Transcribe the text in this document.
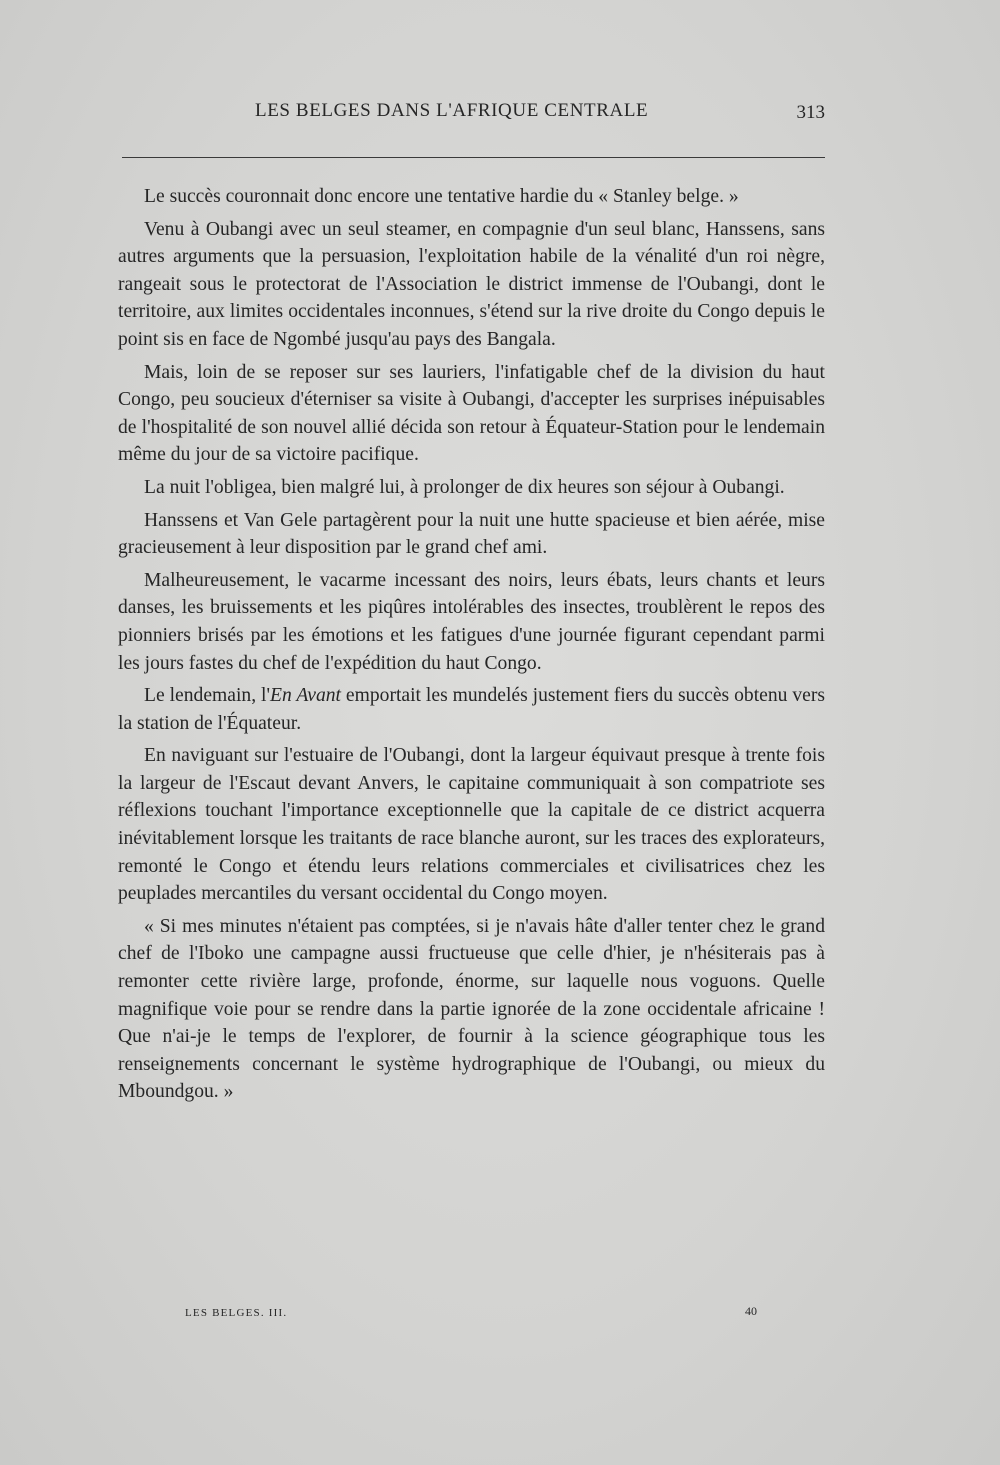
LES BELGES DANS L'AFRIQUE CENTRALE	313

Le succès couronnait donc encore une tentative hardie du « Stanley belge. »

Venu à Oubangi avec un seul steamer, en compagnie d'un seul blanc, Hanssens, sans autres arguments que la persuasion, l'exploitation habile de la vénalité d'un roi nègre, rangeait sous le protectorat de l'Association le district immense de l'Oubangi, dont le territoire, aux limites occidentales inconnues, s'étend sur la rive droite du Congo depuis le point sis en face de Ngombé jusqu'au pays des Bangala.

Mais, loin de se reposer sur ses lauriers, l'infatigable chef de la division du haut Congo, peu soucieux d'éterniser sa visite à Oubangi, d'accepter les surprises inépuisables de l'hospitalité de son nouvel allié décida son retour à Équateur-Station pour le lendemain même du jour de sa victoire pacifique.

La nuit l'obligea, bien malgré lui, à prolonger de dix heures son séjour à Oubangi.

Hanssens et Van Gele partagèrent pour la nuit une hutte spacieuse et bien aérée, mise gracieusement à leur disposition par le grand chef ami.

Malheureusement, le vacarme incessant des noirs, leurs ébats, leurs chants et leurs danses, les bruissements et les piqûres intolérables des insectes, troublèrent le repos des pionniers brisés par les émotions et les fatigues d'une journée figurant cependant parmi les jours fastes du chef de l'expédition du haut Congo.

Le lendemain, l'En Avant emportait les mundelés justement fiers du succès obtenu vers la station de l'Équateur.

En naviguant sur l'estuaire de l'Oubangi, dont la largeur équivaut presque à trente fois la largeur de l'Escaut devant Anvers, le capitaine communiquait à son compatriote ses réflexions touchant l'importance exceptionnelle que la capitale de ce district acquerra inévitablement lorsque les traitants de race blanche auront, sur les traces des explorateurs, remonté le Congo et étendu leurs relations commerciales et civilisatrices chez les peuplades mercantiles du versant occidental du Congo moyen.

« Si mes minutes n'étaient pas comptées, si je n'avais hâte d'aller tenter chez le grand chef de l'Iboko une campagne aussi fructueuse que celle d'hier, je n'hésiterais pas à remonter cette rivière large, profonde, énorme, sur laquelle nous voguons. Quelle magnifique voie pour se rendre dans la partie ignorée de la zone occidentale africaine ! Que n'ai-je le temps de l'explorer, de fournir à la science géographique tous les renseignements concernant le système hydrographique de l'Oubangi, ou mieux du Mboundgou. »

LES BELGES. III.	40
